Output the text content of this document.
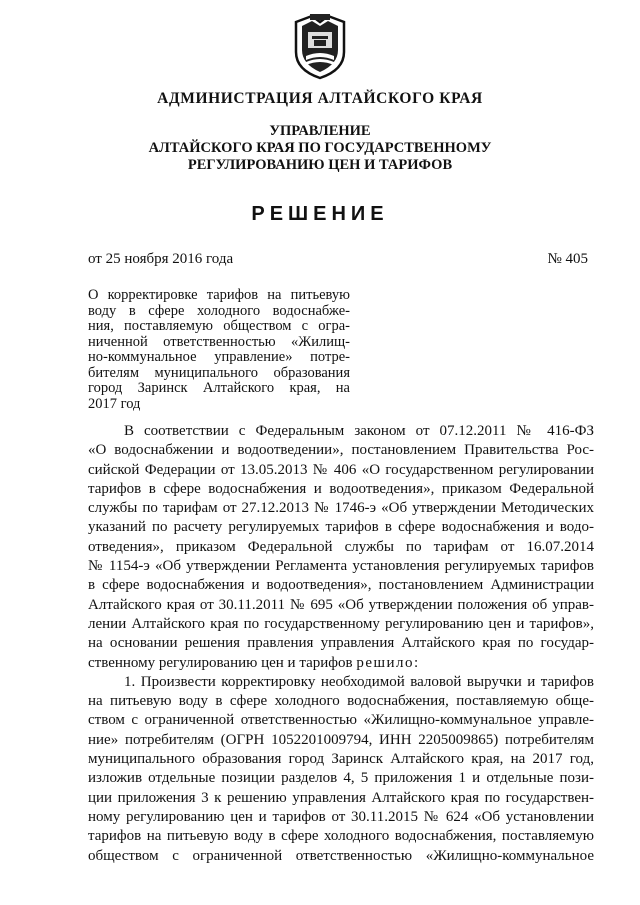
АДМИНИСТРАЦИЯ АЛТАЙСКОГО КРАЯ
УПРАВЛЕНИЕ
АЛТАЙСКОГО КРАЯ ПО ГОСУДАРСТВЕННОМУ
РЕГУЛИРОВАНИЮ ЦЕН И ТАРИФОВ
РЕШЕНИЕ
от 25 ноября 2016 года	№ 405
О корректировке тарифов на питьевую
воду в сфере холодного водоснабже-
ния, поставляемую обществом с огра-
ниченной ответственностью «Жилищ-
но-коммунальное управление» потре-
бителям муниципального образования
город Заринск Алтайского края, на
2017 год
В соответствии с Федеральным законом от 07.12.2011 № 416-ФЗ
«О водоснабжении и водоотведении», постановлением Правительства Рос-
сийской Федерации от 13.05.2013 № 406 «О государственном регулировании
тарифов в сфере водоснабжения и водоотведения», приказом Федеральной
службы по тарифам от 27.12.2013 № 1746-э «Об утверждении Методических
указаний по расчету регулируемых тарифов в сфере водоснабжения и водо-
отведения», приказом Федеральной службы по тарифам от 16.07.2014
№ 1154-э «Об утверждении Регламента установления регулируемых тарифов
в сфере водоснабжения и водоотведения», постановлением Администрации
Алтайского края от 30.11.2011 № 695 «Об утверждении положения об управ-
лении Алтайского края по государственному регулированию цен и тарифов»,
на основании решения правления управления Алтайского края по государ-
ственному регулированию цен и тарифов решило:
1. Произвести корректировку необходимой валовой выручки и тарифов
на питьевую воду в сфере холодного водоснабжения, поставляемую обще-
ством с ограниченной ответственностью «Жилищно-коммунальное управле-
ние» потребителям (ОГРН 1052201009794, ИНН 2205009865) потребителям
муниципального образования город Заринск Алтайского края, на 2017 год,
изложив отдельные позиции разделов 4, 5 приложения 1 и отдельные пози-
ции приложения 3 к решению управления Алтайского края по государствен-
ному регулированию цен и тарифов от 30.11.2015 № 624 «Об установлении
тарифов на питьевую воду в сфере холодного водоснабжения, поставляемую
обществом с ограниченной ответственностью «Жилищно-коммунальное
